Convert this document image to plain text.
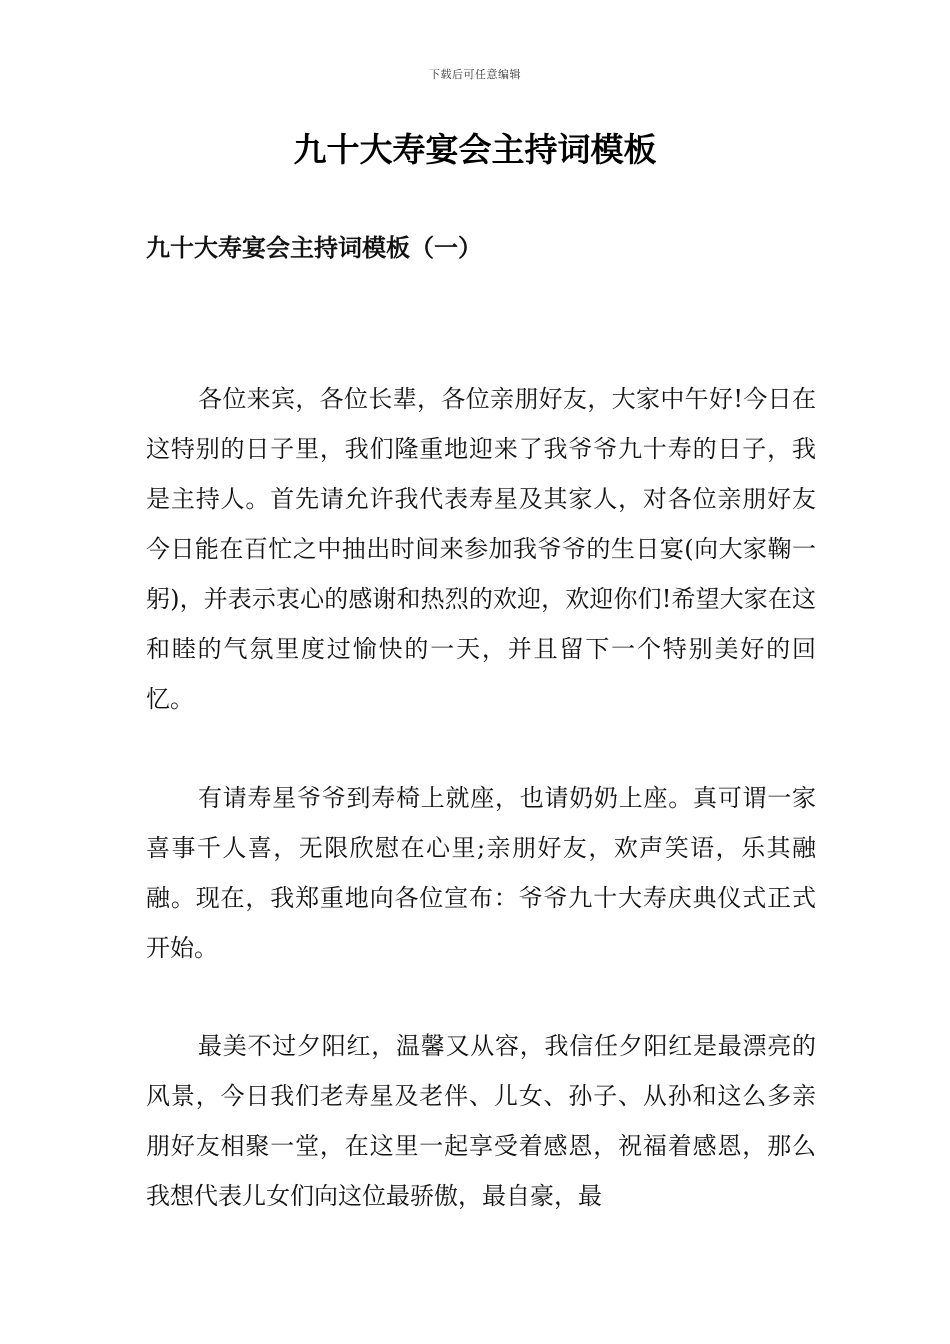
下载后可任意编辑
九十大寿宴会主持词模板
九十大寿宴会主持词模板（一）

各位来宾，各位长辈，各位亲朋好友，大家中午好!今日在这特别的日子里，我们隆重地迎来了我爷爷九十寿的日子，我是主持人。首先请允许我代表寿星及其家人，对各位亲朋好友今日能在百忙之中抽出时间来参加我爷爷的生日宴(向大家鞠一躬)，并表示衷心的感谢和热烈的欢迎，欢迎你们!希望大家在这和睦的气氛里度过愉快的一天，并且留下一个特别美好的回忆。

有请寿星爷爷到寿椅上就座，也请奶奶上座。真可谓一家喜事千人喜，无限欣慰在心里;亲朋好友，欢声笑语，乐其融融。现在，我郑重地向各位宣布：爷爷九十大寿庆典仪式正式开始。

最美不过夕阳红，温馨又从容，我信任夕阳红是最漂亮的风景，今日我们老寿星及老伴、儿女、孙子、从孙和这么多亲朋好友相聚一堂，在这里一起享受着感恩，祝福着感恩，那么我想代表儿女们向这位最骄傲，最自豪，最
